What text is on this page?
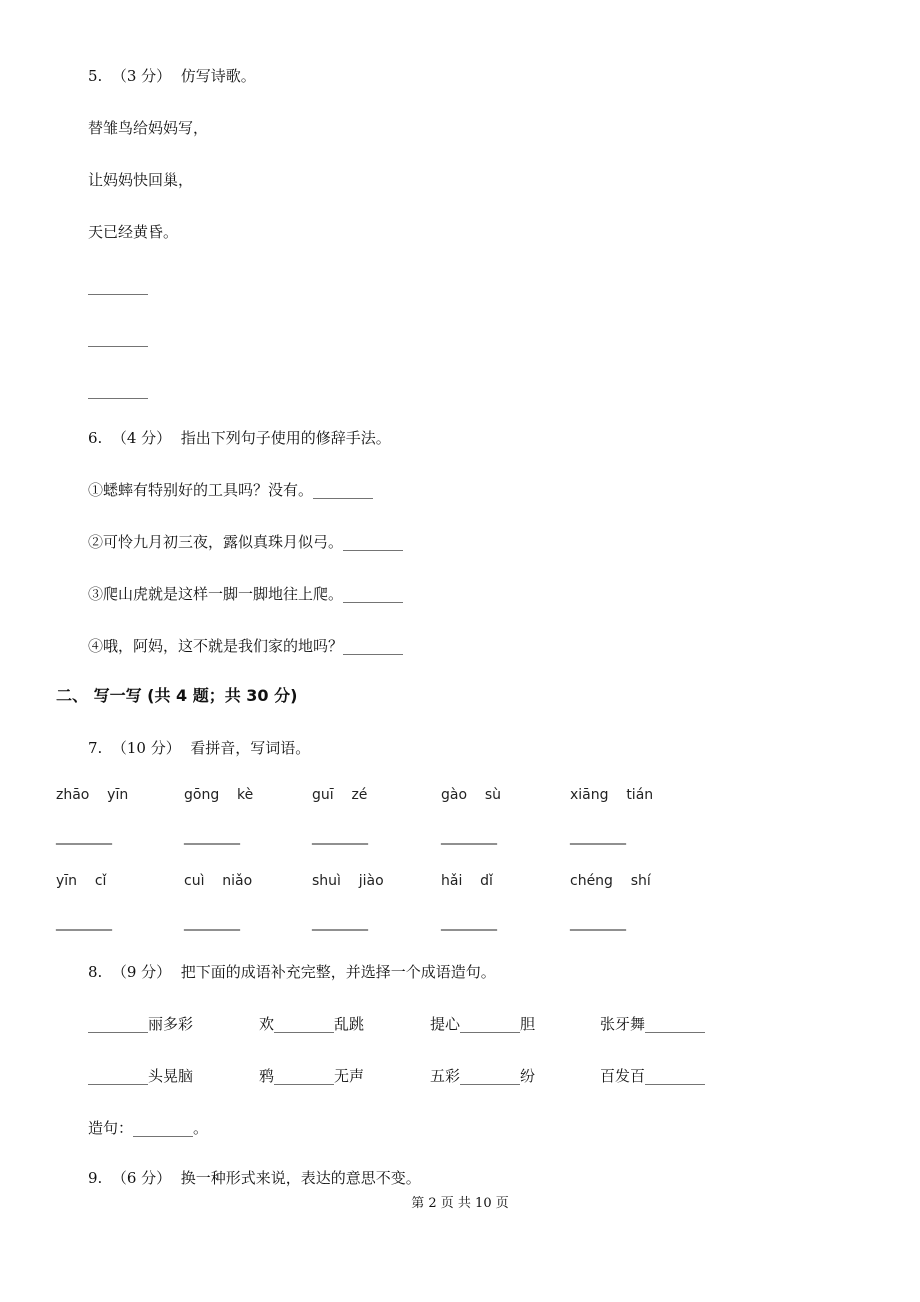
5.  （3 分）  仿写诗歌。
替雏鸟给妈妈写，
让妈妈快回巢，
天已经黄昏。
________
________
________
6.  （4 分）  指出下列句子使用的修辞手法。
①蟋蟀有特别好的工具吗？没有。________
②可怜九月初三夜，露似真珠月似弓。________
③爬山虎就是这样一脚一脚地往上爬。________
④哦，阿妈，这不就是我们家的地吗？________
二、 写一写 (共 4 题；共 30 分)
7.  （10 分）  看拼音，写词语。
zhāo    yīn	gōng    kè	guī    zé	gào    sù	xiāng    tián
________	________	________	________	________
yīn    cǐ	cuì    niǎo	shuì    jiào	hǎi    dǐ	chéng    shí
________	________	________	________	________
8.  （9 分）  把下面的成语补充完整，并选择一个成语造句。
________丽多彩	欢________乱跳	提心________胆	张牙舞________
________头晃脑	鸦________无声	五彩________纷	百发百________
造句：________。
9.  （6 分）  换一种形式来说，表达的意思不变。
第 2 页 共 10 页
